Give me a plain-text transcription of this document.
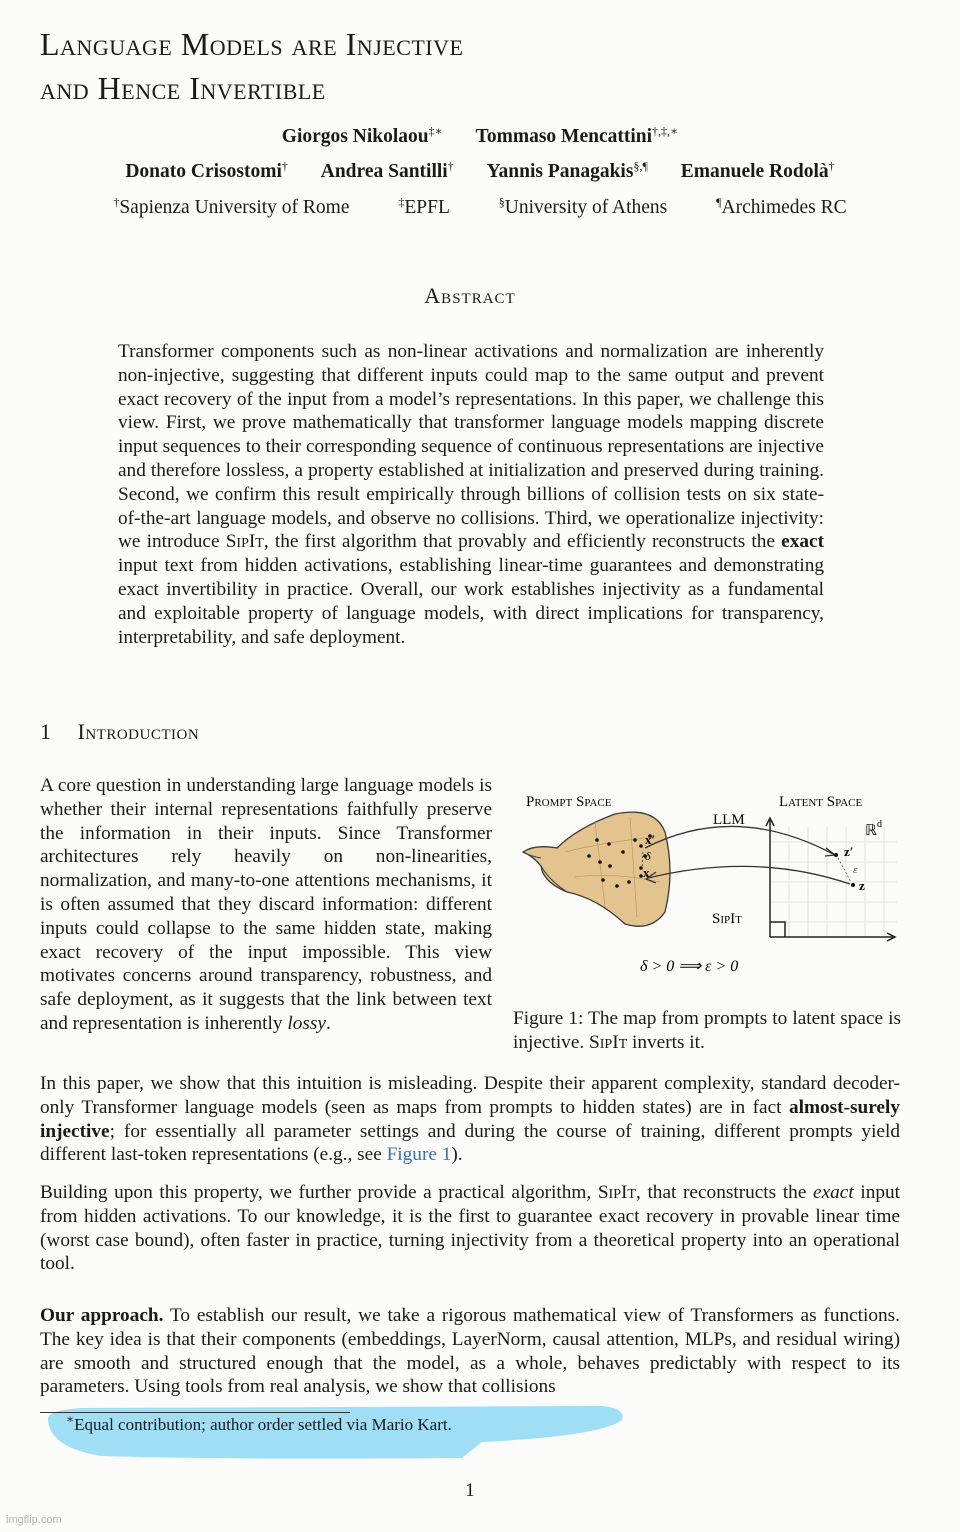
Language Models are Injective
and Hence Invertible
Giorgos Nikolaou‡∗ Tommaso Mencattini†,‡,∗
Donato Crisostomi† Andrea Santilli† Yannis Panagakis§,¶ Emanuele Rodolà†
†Sapienza University of Rome	‡EPFL	§University of Athens	¶Archimedes RC
Abstract
Transformer components such as non-linear activations and normalization are inherently non-injective, suggesting that different inputs could map to the same output and prevent exact recovery of the input from a model’s representations. In this paper, we challenge this view. First, we prove mathematically that transformer language models mapping discrete input sequences to their corresponding sequence of continuous representations are injective and therefore lossless, a property established at initialization and preserved during training. Second, we confirm this result empirically through billions of collision tests on six state-of-the-art language models, and observe no collisions. Third, we operationalize injectivity: we introduce SipIt, the first algorithm that provably and efficiently reconstructs the exact input text from hidden activations, establishing linear-time guarantees and demonstrating exact invertibility in practice. Overall, our work establishes injectivity as a fundamental and exploitable property of language models, with direct implications for transparency, interpretability, and safe deployment.
1 Introduction
A core question in understanding large language models is whether their internal representations faithfully preserve the information in their inputs. Since Transformer architectures rely heavily on non-linearities, normalization, and many-to-one attentions mechanisms, it is often assumed that they discard information: different inputs could collapse to the same hidden state, making exact recovery of the input impossible. This view motivates concerns around transparency, robustness, and safe deployment, as it suggests that the link between text and representation is inherently lossy.
Prompt Space	Latent Space
ℝ d
x′
x
δ
LLM
SipIt
z′
z
ε
δ > 0 ⟹ ε > 0
Figure 1: The map from prompts to latent space is injective. SipIt inverts it.
In this paper, we show that this intuition is misleading. Despite their apparent complexity, standard decoder-only Transformer language models (seen as maps from prompts to hidden states) are in fact almost-surely injective; for essentially all parameter settings and during the course of training, different prompts yield different last-token representations (e.g., see Figure 1).
Building upon this property, we further provide a practical algorithm, SipIt, that reconstructs the exact input from hidden activations. To our knowledge, it is the first to guarantee exact recovery in provable linear time (worst case bound), often faster in practice, turning injectivity from a theoretical property into an operational tool.
Our approach. To establish our result, we take a rigorous mathematical view of Transformers as functions. The key idea is that their components (embeddings, LayerNorm, causal attention, MLPs, and residual wiring) are smooth and structured enough that the model, as a whole, behaves predictably with respect to its parameters. Using tools from real analysis, we show that collisions
∗Equal contribution; author order settled via Mario Kart.
1
imgflip.com
